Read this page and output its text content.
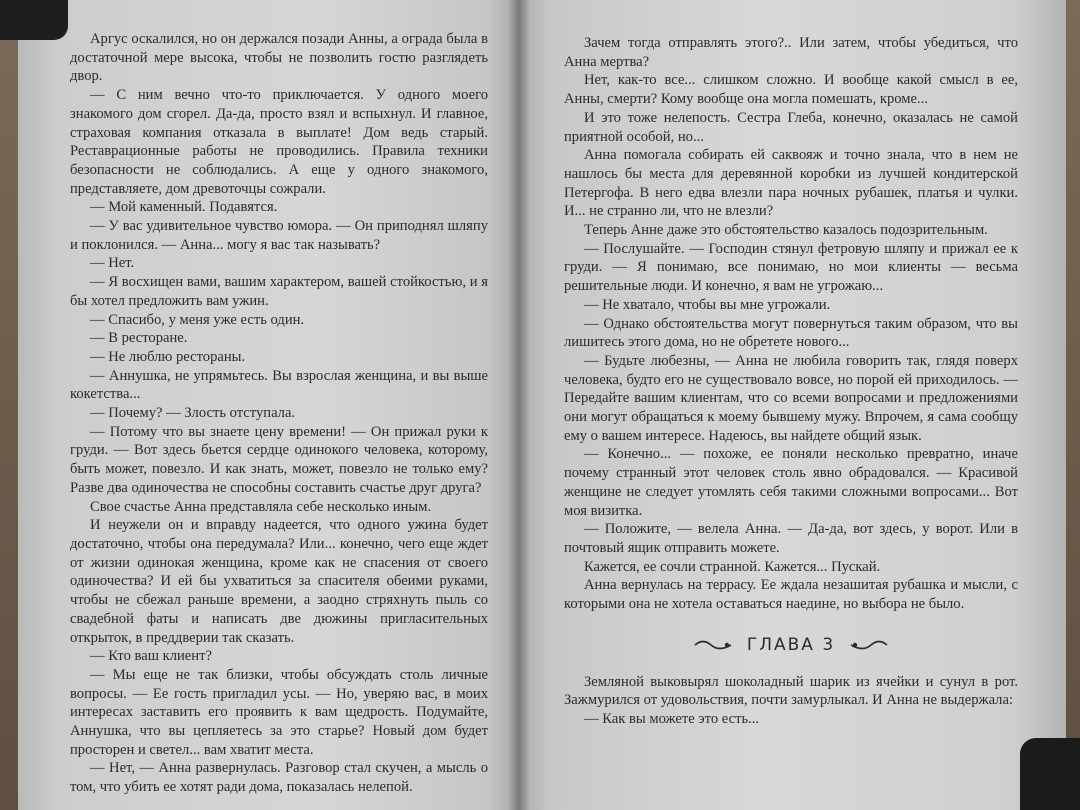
Аргус оскалился, но он держался позади Анны, а ограда была в достаточной мере высока, чтобы не позволить гостю разглядеть двор.

— С ним вечно что-то приключается. У одного моего знакомого дом сгорел. Да-да, просто взял и вспыхнул. И главное, страховая компания отказала в выплате! Дом ведь старый. Реставрационные работы не проводились. Правила техники безопасности не соблюдались. А еще у одного знакомого, представляете, дом древоточцы сожрали.

— Мой каменный. Подавятся.

— У вас удивительное чувство юмора. — Он приподнял шляпу и поклонился. — Анна... могу я вас так называть?

— Нет.

— Я восхищен вами, вашим характером, вашей стойкостью, и я бы хотел предложить вам ужин.

— Спасибо, у меня уже есть один.

— В ресторане.

— Не люблю рестораны.

— Аннушка, не упрямьтесь. Вы взрослая женщина, и вы выше кокетства...

— Почему? — Злость отступала.

— Потому что вы знаете цену времени! — Он прижал руки к груди. — Вот здесь бьется сердце одинокого человека, которому, быть может, повезло. И как знать, может, повезло не только ему? Разве два одиночества не способны составить счастье друг друга?

Свое счастье Анна представляла себе несколько иным.

И неужели он и вправду надеется, что одного ужина будет достаточно, чтобы она передумала? Или... конечно, чего еще ждет от жизни одинокая женщина, кроме как не спасения от своего одиночества? И ей бы ухватиться за спасителя обеими руками, чтобы не сбежал раньше времени, а заодно стряхнуть пыль со свадебной фаты и написать две дюжины пригласительных открыток, в преддверии так сказать.

— Кто ваш клиент?

— Мы еще не так близки, чтобы обсуждать столь личные вопросы. — Ее гость пригладил усы. — Но, уверяю вас, в моих интересах заставить его проявить к вам щедрость. Подумайте, Аннушка, что вы цепляетесь за это старье? Новый дом будет просторен и светел... вам хватит места.

— Нет, — Анна развернулась. Разговор стал скучен, а мысль о том, что убить ее хотят ради дома, показалась нелепой.

Зачем тогда отправлять этого?.. Или затем, чтобы убедиться, что Анна мертва?

Нет, как-то все... слишком сложно. И вообще какой смысл в ее, Анны, смерти? Кому вообще она могла помешать, кроме...

И это тоже нелепость. Сестра Глеба, конечно, оказалась не самой приятной особой, но...

Анна помогала собирать ей саквояж и точно знала, что в нем не нашлось бы места для деревянной коробки из лучшей кондитерской Петергофа. В него едва влезли пара ночных рубашек, платья и чулки. И... не странно ли, что не влезли?

Теперь Анне даже это обстоятельство казалось подозрительным.

— Послушайте. — Господин стянул фетровую шляпу и прижал ее к груди. — Я понимаю, все понимаю, но мои клиенты — весьма решительные люди. И конечно, я вам не угрожаю...

— Не хватало, чтобы вы мне угрожали.

— Однако обстоятельства могут повернуться таким образом, что вы лишитесь этого дома, но не обретете нового...

— Будьте любезны, — Анна не любила говорить так, глядя поверх человека, будто его не существовало вовсе, но порой ей приходилось. — Передайте вашим клиентам, что со всеми вопросами и предложениями они могут обращаться к моему бывшему мужу. Впрочем, я сама сообщу ему о вашем интересе. Надеюсь, вы найдете общий язык.

— Конечно... — похоже, ее поняли несколько превратно, иначе почему странный этот человек столь явно обрадовался. — Красивой женщине не следует утомлять себя такими сложными вопросами... Вот моя визитка.

— Положите, — велела Анна. — Да-да, вот здесь, у ворот. Или в почтовый ящик отправить можете.

Кажется, ее сочли странной. Кажется... Пускай.

Анна вернулась на террасу. Ее ждала незашитая рубашка и мысли, с которыми она не хотела оставаться наедине, но выбора не было.

ГЛАВА 3

Земляной выковырял шоколадный шарик из ячейки и сунул в рот. Зажмурился от удовольствия, почти замурлыкал. И Анна не выдержала:

— Как вы можете это есть...
